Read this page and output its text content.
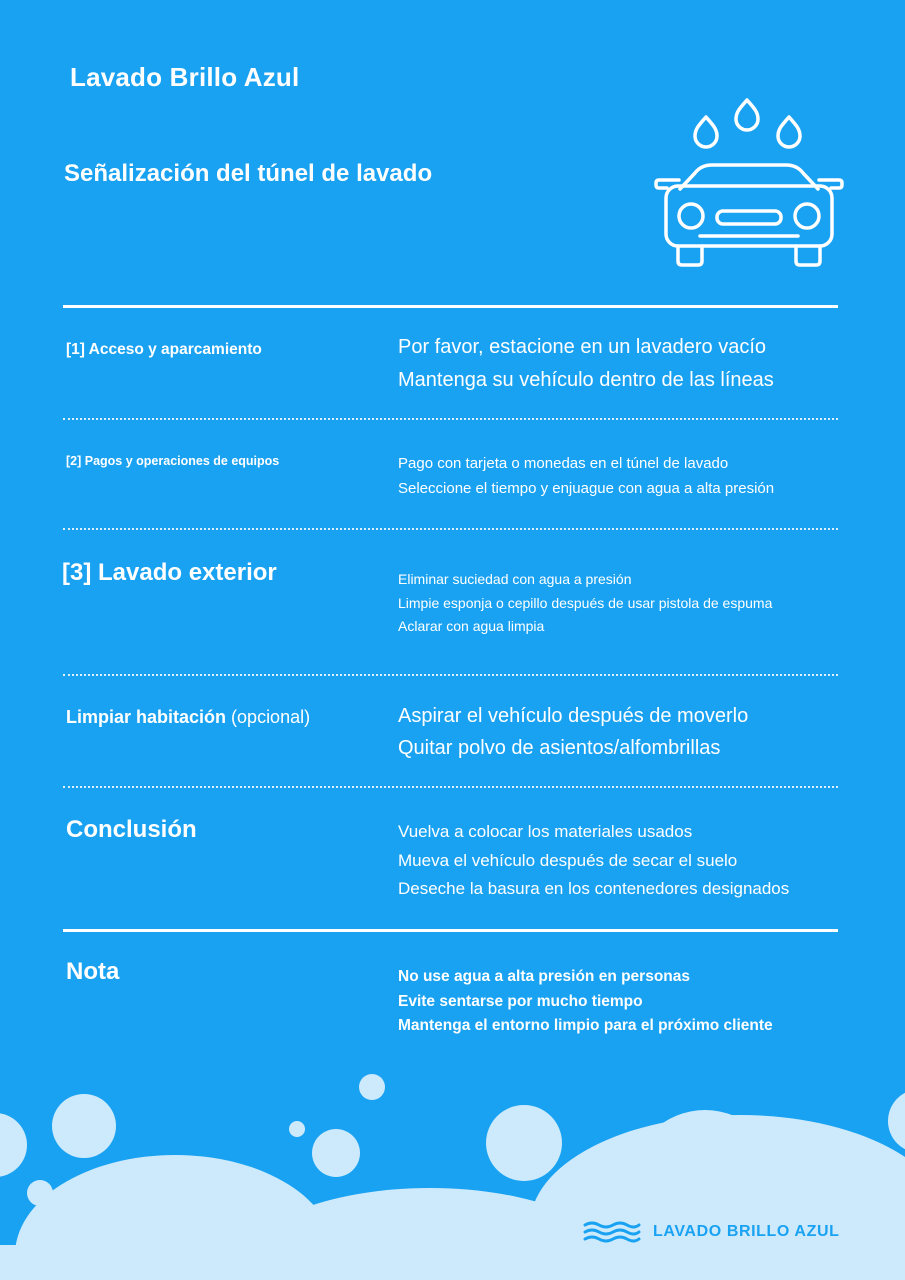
Lavado Brillo Azul
Señalización del túnel de lavado
[1] Acceso y aparcamiento	Por favor, estacione en un lavadero vacío
Mantenga su vehículo dentro de las líneas
[2] Pagos y operaciones de equipos	Pago con tarjeta o monedas en el túnel de lavado
Seleccione el tiempo y enjuague con agua a alta presión
[3] Lavado exterior	Eliminar suciedad con agua a presión
Limpie esponja o cepillo después de usar pistola de espuma
Aclarar con agua limpia
Limpiar habitación (opcional)	Aspirar el vehículo después de moverlo
Quitar polvo de asientos/alfombrillas
Conclusión	Vuelva a colocar los materiales usados
Mueva el vehículo después de secar el suelo
Deseche la basura en los contenedores designados
Nota	No use agua a alta presión en personas
Evite sentarse por mucho tiempo
Mantenga el entorno limpio para el próximo cliente
LAVADO BRILLO AZUL
